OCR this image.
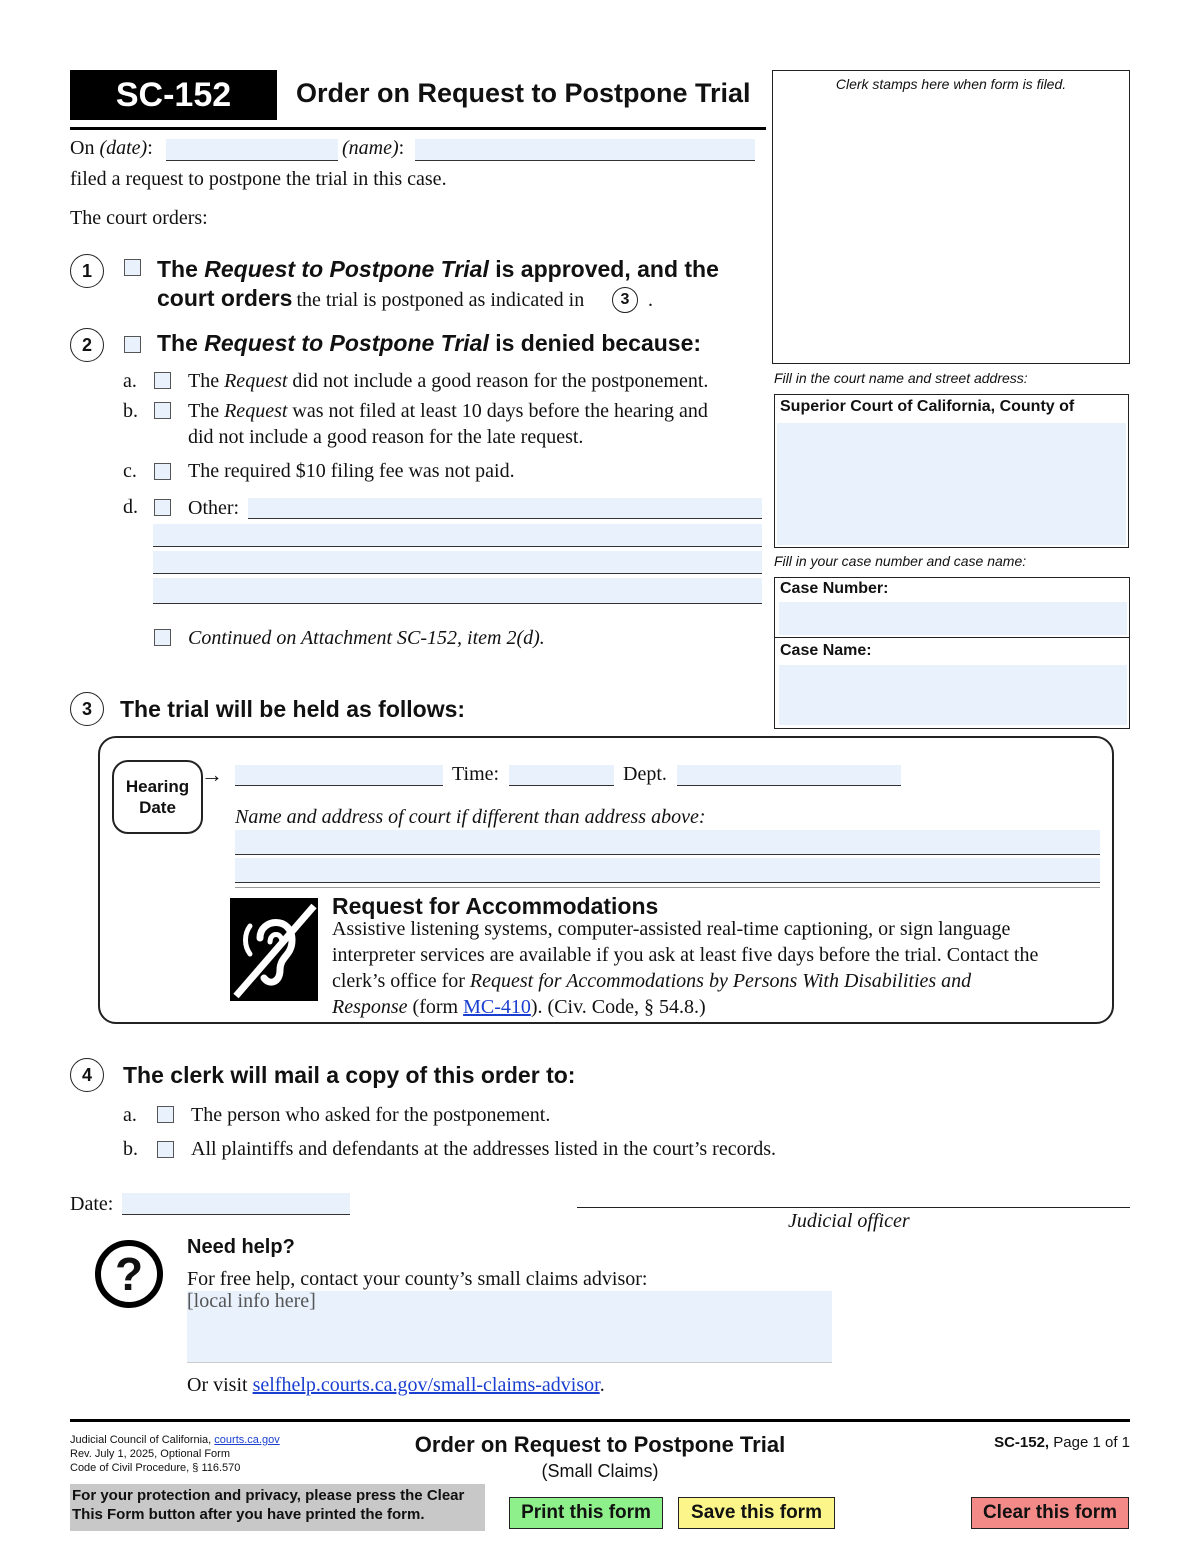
SC-152 Order on Request to Postpone Trial	Clerk stamps here when form is filed.
On (date):	(name):
filed a request to postpone the trial in this case.
The court orders:
Fill in the court name and street address:
Superior Court of California, County of
Fill in your case number and case name:
Case Number:
Case Name:
1	The Request to Postpone Trial is approved, and the
court orders the trial is postponed as indicated in	3 .
2	The Request to Postpone Trial is denied because:
a.	The Request did not include a good reason for the postponement.
b.	The Request was not filed at least 10 days before the hearing and
did not include a good reason for the late request.
c.	The required $10 filing fee was not paid.
d.	Other:
Continued on Attachment SC-152, item 2(d).
3	The trial will be held as follows:
Hearing
Date
→	Time:	Dept.
Name and address of court if different than address above:
Request for Accommodations
Assistive listening systems, computer-assisted real-time captioning, or sign language
interpreter services are available if you ask at least five days before the trial. Contact the
clerk’s office for Request for Accommodations by Persons With Disabilities and
Response (form MC-410). (Civ. Code, § 54.8.)
4	The clerk will mail a copy of this order to:
a.	The person who asked for the postponement.
b.	All plaintiffs and defendants at the addresses listed in the court’s records.
Date:
Judicial officer
?
Need help?
For free help, contact your county’s small claims advisor:
[local info here]
Or visit selfhelp.courts.ca.gov/small-claims-advisor.
Judicial Council of California, courts.ca.gov
Rev. July 1, 2025, Optional Form
Code of Civil Procedure, § 116.570
Order on Request to Postpone Trial
(Small Claims)
SC-152, Page 1 of 1
For your protection and privacy, please press the Clear
This Form button after you have printed the form.	Print this form	Save this form	Clear this form
